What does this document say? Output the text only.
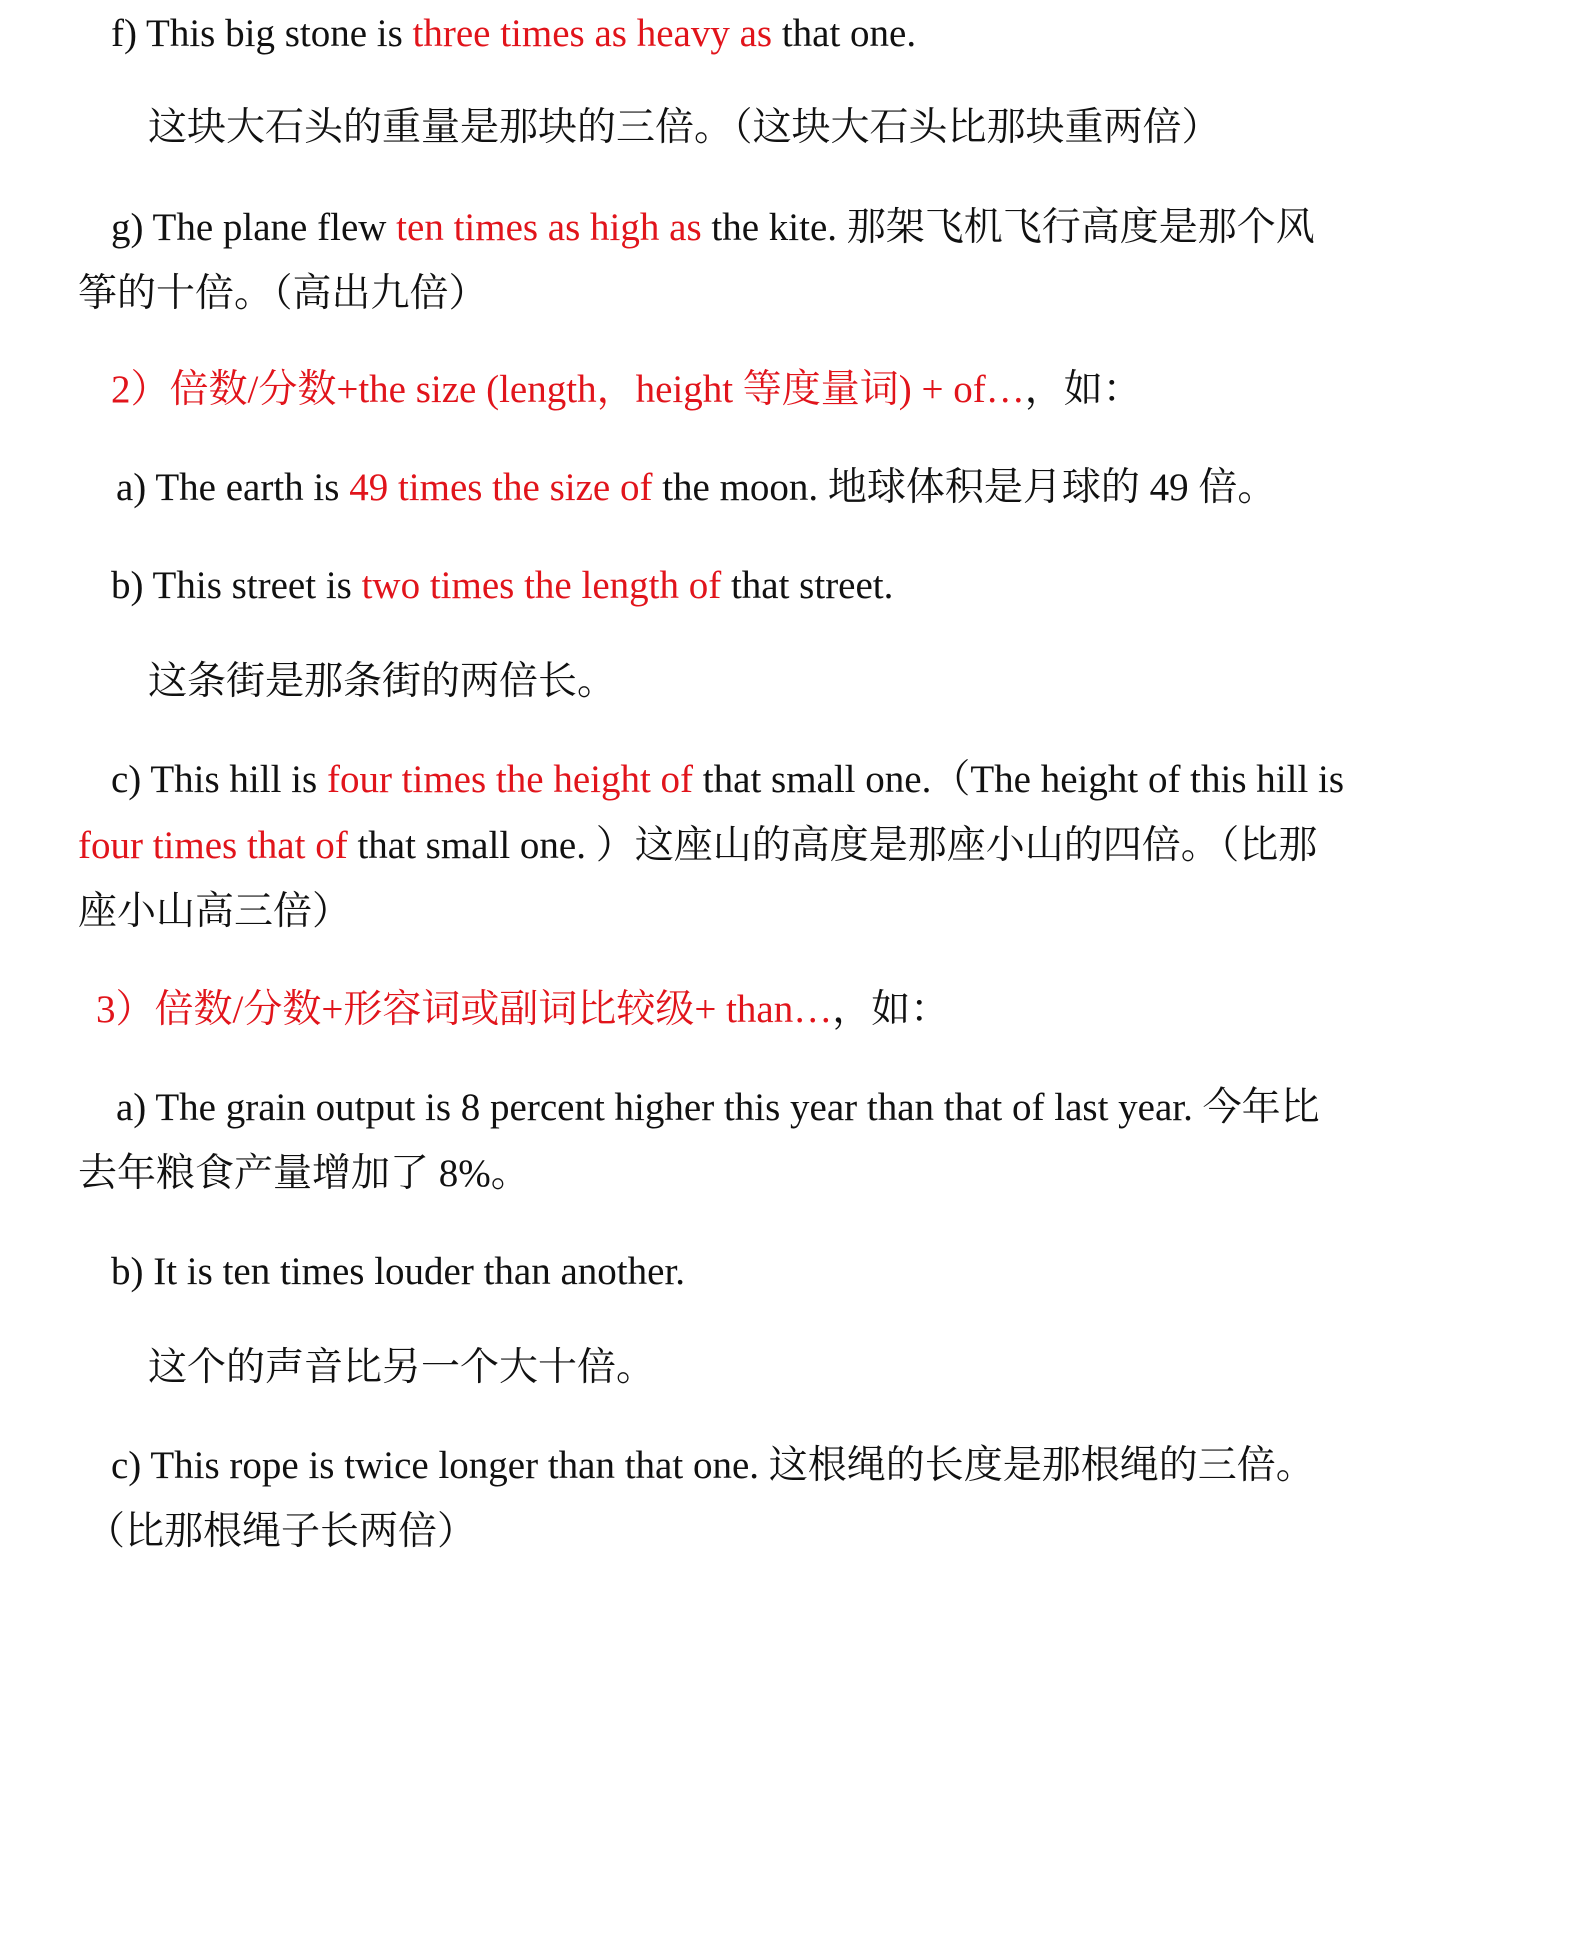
f) This big stone is three times as heavy as that one.

这块大石头的重量是那块的三倍。（这块大石头比那块重两倍）

g) The plane flew ten times as high as the kite. 那架飞机飞行高度是那个风

筝的十倍。（高出九倍）

2）倍数/分数+the size (length，height 等度量词) + of…，如：

a) The earth is 49 times the size of the moon. 地球体积是月球的 49 倍。

b) This street is two times the length of that street.

这条街是那条街的两倍长。

c) This hill is four times the height of that small one.（The height of this hill is

four times that of that small one. ）这座山的高度是那座小山的四倍。（比那

座小山高三倍）

3）倍数/分数+形容词或副词比较级+ than…，如：

a) The grain output is 8 percent higher this year than that of last year. 今年比

去年粮食产量增加了 8%。

b) It is ten times louder than another.

这个的声音比另一个大十倍。

c) This rope is twice longer than that one. 这根绳的长度是那根绳的三倍。

（比那根绳子长两倍）
